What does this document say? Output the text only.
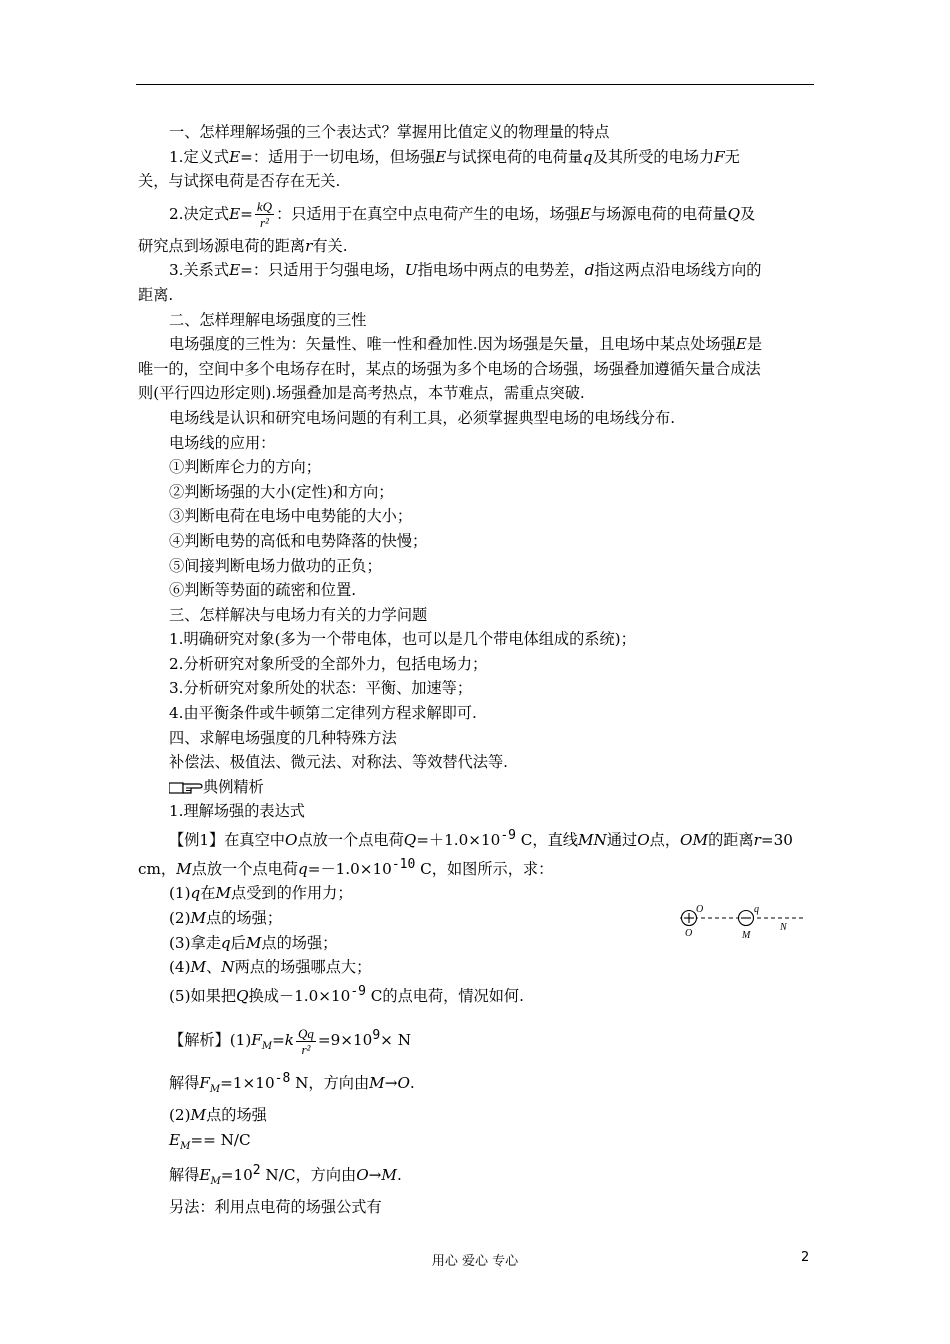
一、怎样理解场强的三个表达式？掌握用比值定义的物理量的特点

1.定义式E=：适用于一切电场，但场强E与试探电荷的电荷量q及其所受的电场力F无

关，与试探电荷是否存在无关.

2.决定式$E= \frac{kQ}{\text{r²}}$ ：只适用于在真空中点电荷产生的电场，场强E与场源电荷的电荷量Q及

研究点到场源电荷的距离r有关.

3.关系式E=：只适用于匀强电场，U指电场中两点的电势差，d指这两点沿电场线方向的

距离.

二、怎样理解电场强度的三性

电场强度的三性为：矢量性、唯一性和叠加性.因为场强是矢量，且电场中某点处场强E是

唯一的，空间中多个电场存在时，某点的场强为多个电场的合场强，场强叠加遵循矢量合成法

则(平行四边形定则).场强叠加是高考热点，本节难点，需重点突破.

电场线是认识和研究电场问题的有利工具，必须掌握典型电场的电场线分布.

电场线的应用：

①判断库仑力的方向；

②判断场强的大小(定性)和方向；

③判断电荷在电场中电势能的大小；

④判断电势的高低和电势降落的快慢；

⑤间接判断电场力做功的正负；

⑥判断等势面的疏密和位置.

三、怎样解决与电场力有关的力学问题

1.明确研究对象(多为一个带电体，也可以是几个带电体组成的系统)；

2.分析研究对象所受的全部外力，包括电场力；

3.分析研究对象所处的状态：平衡、加速等；

4.由平衡条件或牛顿第二定律列方程求解即可.

四、求解电场强度的几种特殊方法

补偿法、极值法、微元法、对称法、等效替代法等.

典例精析

1.理解场强的表达式

【例1】在真空中O点放一个点电荷$Q=+1.0\times 10^{-9}$ C，直线MN通过O点，OM的距离r=30

cm，M点放一个点电荷$q=-1.0\times 10^{-10}$ C，如图所示，求：

(1)q在M点受到的作用力；

(2)M点的场强；

(3)拿走q后M点的场强；

(4)M、N两点的场强哪点大；

(5)如果把Q换成$-1.0\times 10^{-9}$ C的点电荷，情况如何.

【解析】$(1)F_M=k \frac{Qq}{\text{r²}} =9\times 10^9\times N$

解得$F_M=1\times 10^{-8}$ N，方向由M→O.

(2)M点的场强

$E_M== N/C$

解得$E_M=10^2$ N/C，方向由O→M.

另法：利用点电荷的场强公式有

O
O
q
M
N
用心 爱心 专心	2
